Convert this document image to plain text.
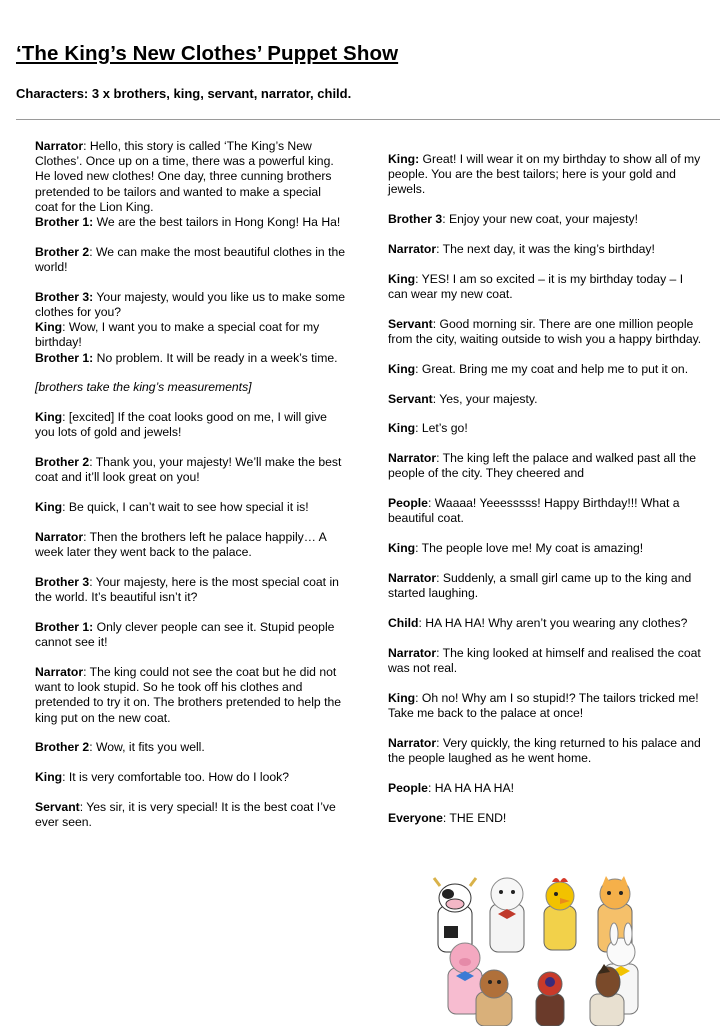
‘The King’s New Clothes’ Puppet Show

Characters: 3 x brothers, king, servant, narrator, child.

Narrator: Hello, this story is called ‘The King’s New Clothes’. Once up on a time, there was a powerful king. He loved new clothes! One day, three cunning brothers pretended to be tailors and wanted to make a special coat for the Lion King.

Brother 1: We are the best tailors in Hong Kong! Ha Ha!

Brother 2: We can make the most beautiful clothes in the world!

Brother 3: Your majesty, would you like us to make some clothes for you?

King: Wow, I want you to make a special coat for my birthday!

Brother 1: No problem. It will be ready in a week’s time.

[brothers take the king’s measurements]

King: [excited] If the coat looks good on me, I will give you lots of gold and jewels!

Brother 2: Thank you, your majesty! We’ll make the best coat and it’ll look great on you!

King: Be quick, I can’t wait to see how special it is!

Narrator: Then the brothers left he palace happily… A week later they went back to the palace.

Brother 3: Your majesty, here is the most special coat in the world. It’s beautiful isn’t it?

Brother 1: Only clever people can see it. Stupid people cannot see it!

Narrator: The king could not see the coat but he did not want to look stupid. So he took off his clothes and pretended to try it on. The brothers pretended to help the king put on the new coat.

Brother 2: Wow, it fits you well.

King: It is very comfortable too. How do I look?

Servant: Yes sir, it is very special! It is the best coat I’ve ever seen.

King: Great! I will wear it on my birthday to show all of my people. You are the best tailors; here is your gold and jewels.

Brother 3: Enjoy your new coat, your majesty!

Narrator: The next day, it was the king’s birthday!

King: YES! I am so excited – it is my birthday today – I can wear my new coat.

Servant: Good morning sir. There are one million people from the city, waiting outside to wish you a happy birthday.

King: Great. Bring me my coat and help me to put it on.

Servant: Yes, your majesty.

King: Let’s go!

Narrator: The king left the palace and walked past all the people of the city. They cheered and

People: Waaaa! Yeeesssss! Happy Birthday!!! What a beautiful coat.

King: The people love me! My coat is amazing!

Narrator: Suddenly, a small girl came up to the king and started laughing.

Child: HA HA HA! Why aren’t you wearing any clothes?

Narrator: The king looked at himself and realised the coat was not real.

King: Oh no! Why am I so stupid!? The tailors tricked me! Take me back to the palace at once!

Narrator: Very quickly, the king returned to his palace and the people laughed as he went home.

People: HA HA HA HA!

Everyone: THE END!
